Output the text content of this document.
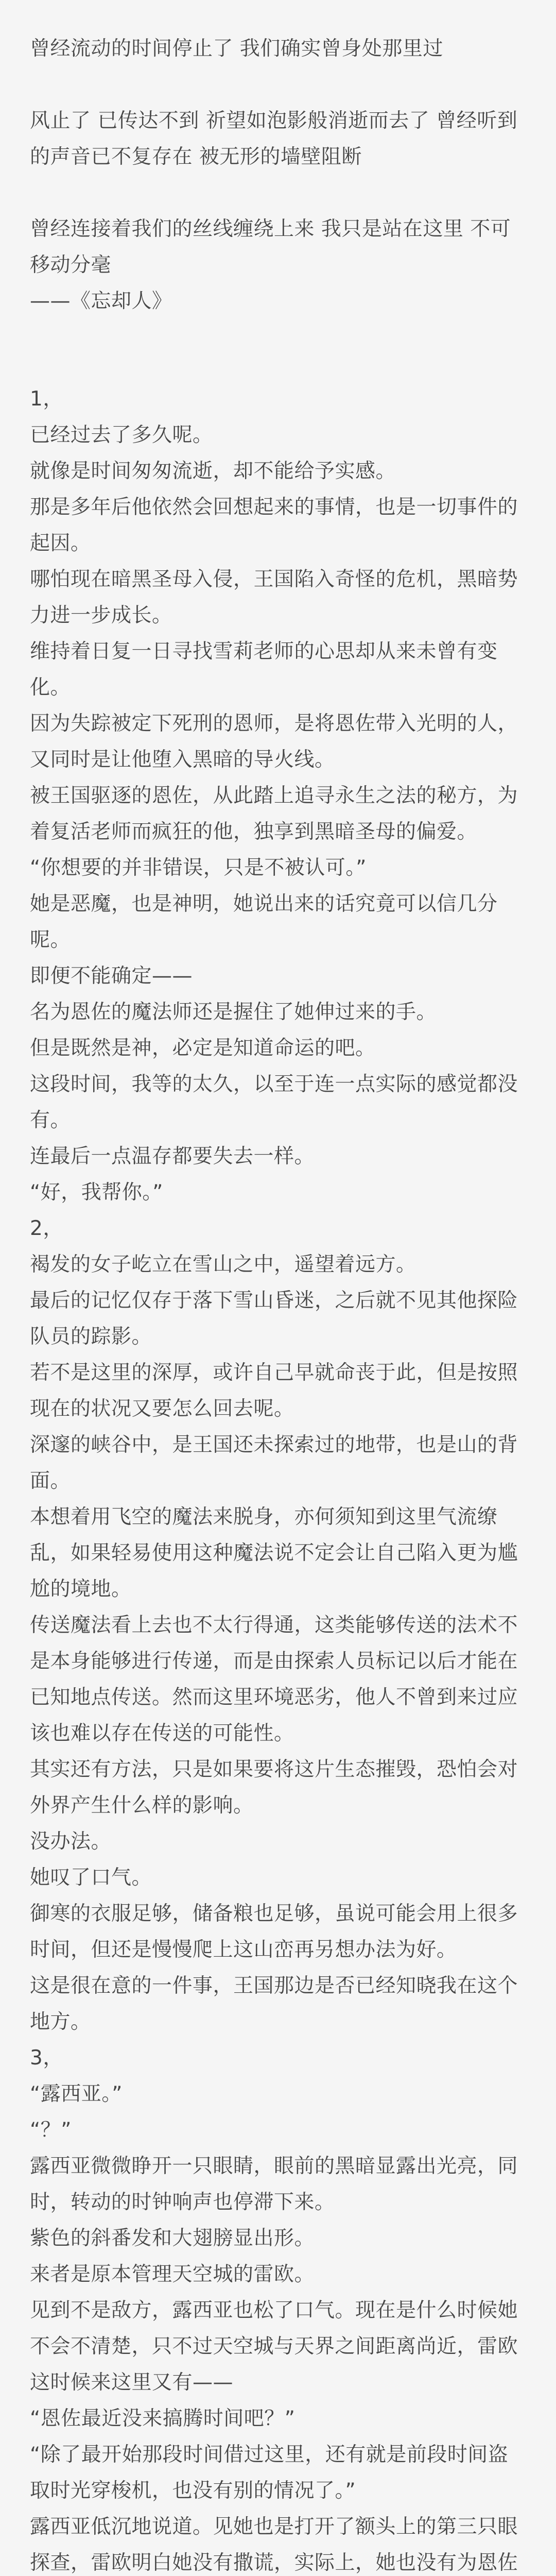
曾经流动的时间停止了 我们确实曾身处那里过

风止了 已传达不到 祈望如泡影般消逝而去了 曾经听到的声音已不复存在 被无形的墙壁阻断

曾经连接着我们的丝线缠绕上来 我只是站在这里 不可移动分毫

——《忘却人》

1，

已经过去了多久呢。

就像是时间匆匆流逝，却不能给予实感。

那是多年后他依然会回想起来的事情，也是一切事件的起因。

哪怕现在暗黑圣母入侵，王国陷入奇怪的危机，黑暗势力进一步成长。

维持着日复一日寻找雪莉老师的心思却从来未曾有变化。

因为失踪被定下死刑的恩师，是将恩佐带入光明的人，又同时是让他堕入黑暗的导火线。

被王国驱逐的恩佐，从此踏上追寻永生之法的秘方，为着复活老师而疯狂的他，独享到黑暗圣母的偏爱。

“你想要的并非错误，只是不被认可。”

她是恶魔，也是神明，她说出来的话究竟可以信几分呢。

即便不能确定——

名为恩佐的魔法师还是握住了她伸过来的手。

但是既然是神，必定是知道命运的吧。

这段时间，我等的太久，以至于连一点实际的感觉都没有。

连最后一点温存都要失去一样。

“好，我帮你。”

2，

褐发的女子屹立在雪山之中，遥望着远方。

最后的记忆仅存于落下雪山昏迷，之后就不见其他探险队员的踪影。

若不是这里的深厚，或许自己早就命丧于此，但是按照现在的状况又要怎么回去呢。

深邃的峡谷中，是王国还未探索过的地带，也是山的背面。

本想着用飞空的魔法来脱身，亦何须知到这里气流缭乱，如果轻易使用这种魔法说不定会让自己陷入更为尴尬的境地。

传送魔法看上去也不太行得通，这类能够传送的法术不是本身能够进行传递，而是由探索人员标记以后才能在已知地点传送。然而这里环境恶劣，他人不曾到来过应该也难以存在传送的可能性。

其实还有方法，只是如果要将这片生态摧毁，恐怕会对外界产生什么样的影响。

没办法。

她叹了口气。

御寒的衣服足够，储备粮也足够，虽说可能会用上很多时间，但还是慢慢爬上这山峦再另想办法为好。

这是很在意的一件事，王国那边是否已经知晓我在这个地方。

3，

“露西亚。”

“？”

露西亚微微睁开一只眼睛，眼前的黑暗显露出光亮，同时，转动的时钟响声也停滞下来。

紫色的斜番发和大翅膀显出形。

来者是原本管理天空城的雷欧。

见到不是敌方，露西亚也松了口气。现在是什么时候她不会不清楚，只不过天空城与天界之间距离尚近，雷欧这时候来这里又有——

“恩佐最近没来搞腾时间吧？”

“除了最开始那段时间借过这里，还有就是前段时间盗取时光穿梭机，也没有别的情况了。”

露西亚低沉地说道。见她也是打开了额头上的第三只眼探查，雷欧明白她没有撒谎，实际上，她也没有为恩佐
